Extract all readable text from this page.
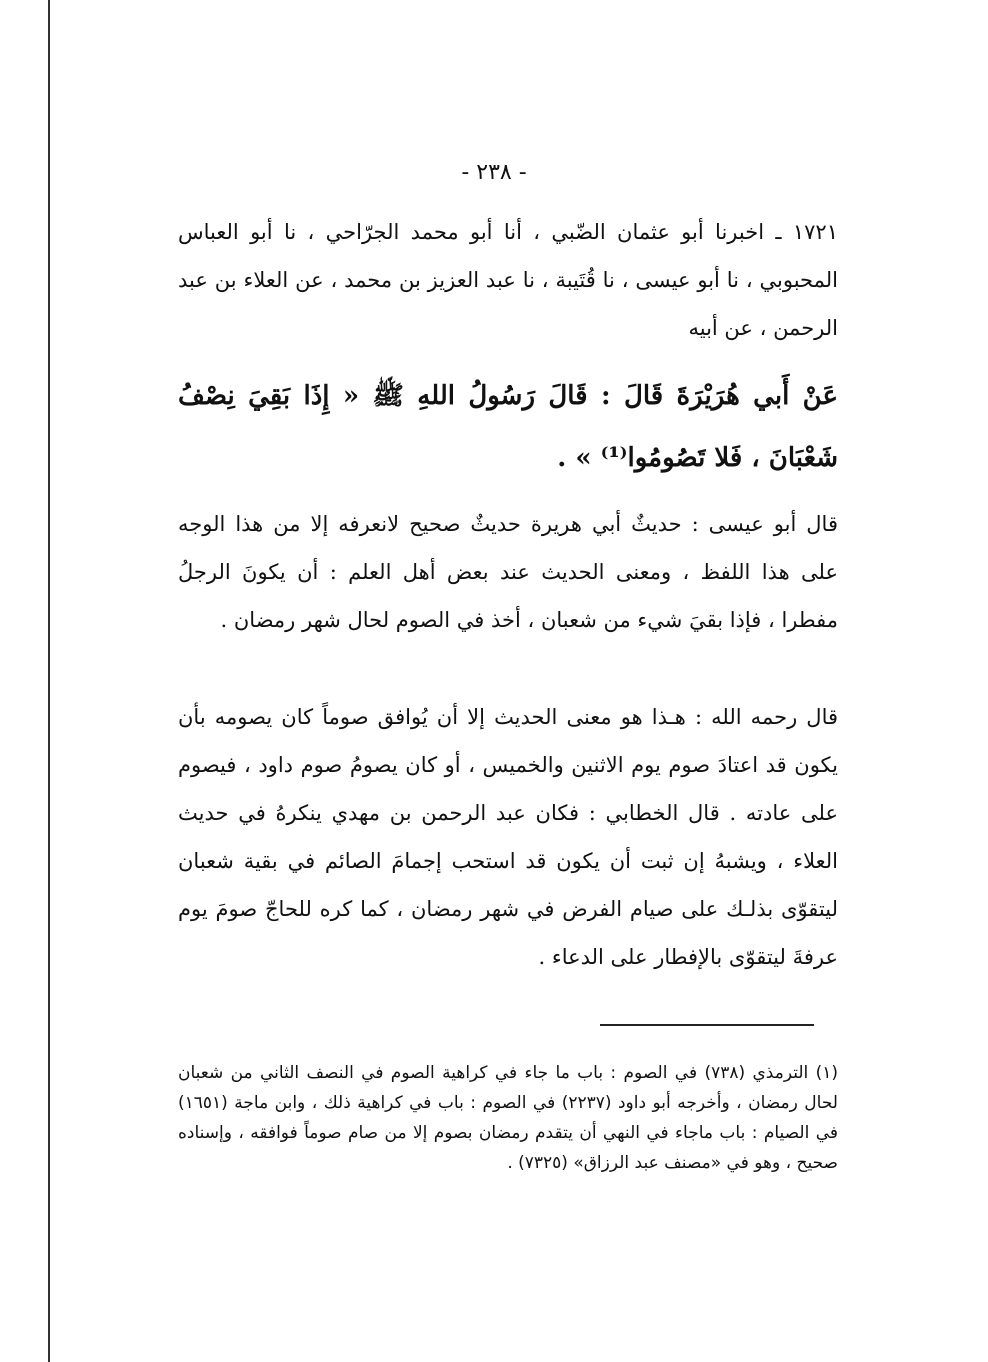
- ٢٣٨ -
١٧٢١ ـ اخبرنا أبو عثمان الضّبي ، أنا أبو محمد الجرّاحي ، نا أبو العباس المحبوبي ، نا أبو عيسى ، نا قُتَيبة ، نا عبد العزيز بن محمد ، عن العلاء بن عبد الرحمن ، عن أبيه
عَنْ أَبي هُرَيْرَةَ قَالَ : قَالَ رَسُولُ اللهِ ﷺ « إِذَا بَقِيَ نِصْفُ شَعْبَانَ ، فَلا تَصُومُوا⁽¹⁾ » .
قال أبو عيسى : حديثٌ أبي هريرة حديثٌ صحيح لانعرفه إلا من هذا الوجه على هذا اللفظ ، ومعنى الحديث عند بعض أهل العلم : أن يكونَ الرجلُ مفطرا ، فإذا بقيَ شيء من شعبان ، أخذ في الصوم لحال شهر رمضان .
قال رحمه الله : هـذا هو معنى الحديث إلا أن يُوافق صوماً كان يصومه بأن يكون قد اعتادَ صوم يوم الاثنين والخميس ، أو كان يصومُ صوم داود ، فيصوم على عادته . قال الخطابي : فكان عبد الرحمن بن مهدي ينكرهُ في حديث العلاء ، ويشبهُ إن ثبت أن يكون قد استحب إجمامَ الصائم في بقية شعبان ليتقوّى بذلـك على صيام الفرض في شهر رمضان ، كما كره للحاجّ صومَ يوم عرفةَ ليتقوّى بالإفطار على الدعاء .
(١) الترمذي (٧٣٨) في الصوم : باب ما جاء في كراهية الصوم في النصف الثاني من شعبان لحال رمضان ، وأخرجه أبو داود (٢٢٣٧) في الصوم : باب في كراهية ذلك ، وابن ماجة (١٦٥١) في الصيام : باب ماجاء في النهي أن يتقدم رمضان بصوم إلا من صام صوماً فوافقه ، وإسناده صحيح ، وهو في «مصنف عبد الرزاق» (٧٣٢٥) .
